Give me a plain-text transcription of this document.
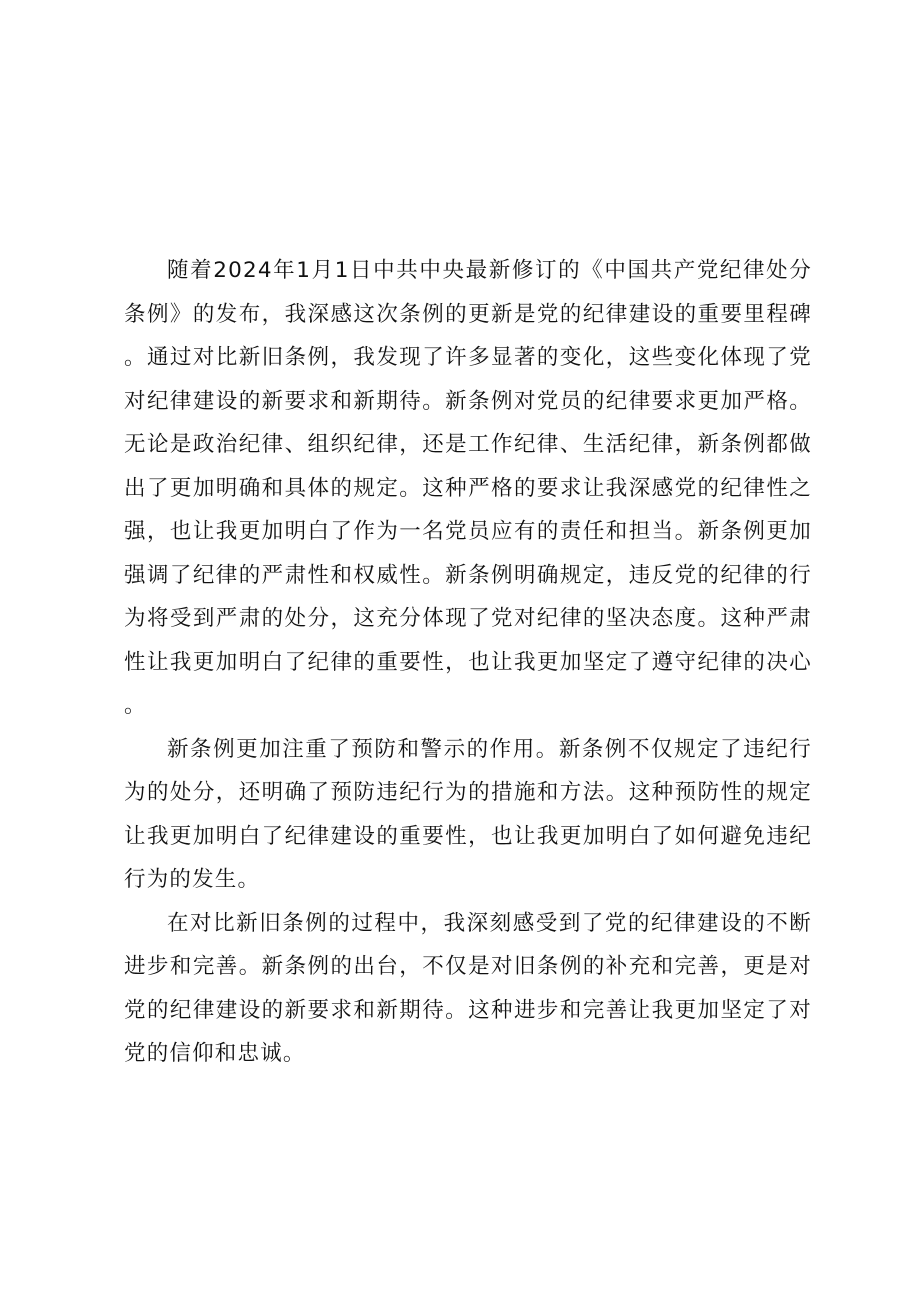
随着2024年1月1日中共中央最新修订的《中国共产党纪律处分条例》的发布，我深感这次条例的更新是党的纪律建设的重要里程碑。通过对比新旧条例，我发现了许多显著的变化，这些变化体现了党对纪律建设的新要求和新期待。新条例对党员的纪律要求更加严格。无论是政治纪律、组织纪律，还是工作纪律、生活纪律，新条例都做出了更加明确和具体的规定。这种严格的要求让我深感党的纪律性之强，也让我更加明白了作为一名党员应有的责任和担当。新条例更加强调了纪律的严肃性和权威性。新条例明确规定，违反党的纪律的行为将受到严肃的处分，这充分体现了党对纪律的坚决态度。这种严肃性让我更加明白了纪律的重要性，也让我更加坚定了遵守纪律的决心。

新条例更加注重了预防和警示的作用。新条例不仅规定了违纪行为的处分，还明确了预防违纪行为的措施和方法。这种预防性的规定让我更加明白了纪律建设的重要性，也让我更加明白了如何避免违纪行为的发生。

在对比新旧条例的过程中，我深刻感受到了党的纪律建设的不断进步和完善。新条例的出台，不仅是对旧条例的补充和完善，更是对党的纪律建设的新要求和新期待。这种进步和完善让我更加坚定了对党的信仰和忠诚。
